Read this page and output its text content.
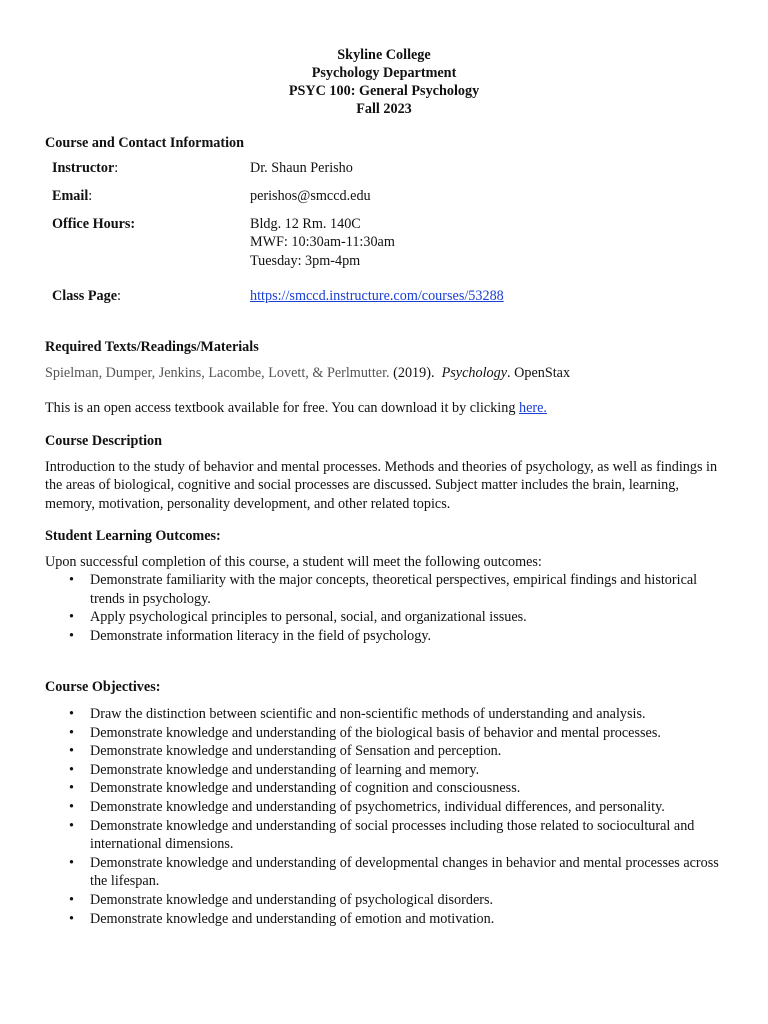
Skyline College
Psychology Department
PSYC 100: General Psychology
Fall 2023
Course and Contact Information
Instructor:	Dr. Shaun Perisho
Email:	perishos@smccd.edu
Office Hours:	Bldg. 12 Rm. 140C
MWF: 10:30am-11:30am
Tuesday: 3pm-4pm
Class Page:	https://smccd.instructure.com/courses/53288
Required Texts/Readings/Materials
Spielman, Dumper, Jenkins, Lacombe, Lovett, & Perlmutter. (2019).  Psychology. OpenStax
This is an open access textbook available for free. You can download it by clicking here.
Course Description
Introduction to the study of behavior and mental processes. Methods and theories of psychology, as well as findings in the areas of biological, cognitive and social processes are discussed. Subject matter includes the brain, learning, memory, motivation, personality development, and other related topics.
Student Learning Outcomes:
Upon successful completion of this course, a student will meet the following outcomes:
• Demonstrate familiarity with the major concepts, theoretical perspectives, empirical findings and historical trends in psychology.
• Apply psychological principles to personal, social, and organizational issues.
• Demonstrate information literacy in the field of psychology.
Course Objectives:
• Draw the distinction between scientific and non-scientific methods of understanding and analysis.
• Demonstrate knowledge and understanding of the biological basis of behavior and mental processes.
• Demonstrate knowledge and understanding of Sensation and perception.
• Demonstrate knowledge and understanding of learning and memory.
• Demonstrate knowledge and understanding of cognition and consciousness.
• Demonstrate knowledge and understanding of psychometrics, individual differences, and personality.
• Demonstrate knowledge and understanding of social processes including those related to sociocultural and international dimensions.
• Demonstrate knowledge and understanding of developmental changes in behavior and mental processes across the lifespan.
• Demonstrate knowledge and understanding of psychological disorders.
• Demonstrate knowledge and understanding of emotion and motivation.
